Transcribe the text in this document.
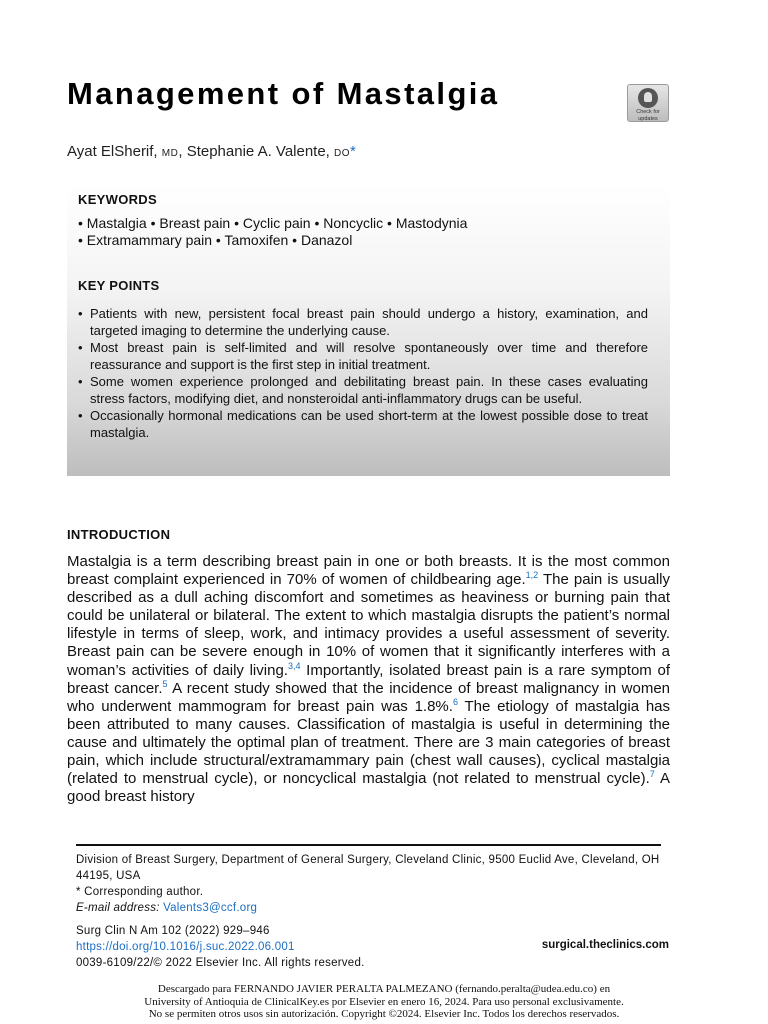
Management of Mastalgia
Check for
updates
Ayat ElSherif, MD, Stephanie A. Valente, DO*
KEYWORDS
• Mastalgia • Breast pain • Cyclic pain • Noncyclic • Mastodynia
• Extramammary pain • Tamoxifen • Danazol
KEY POINTS
• Patients with new, persistent focal breast pain should undergo a history, examination, and targeted imaging to determine the underlying cause.
• Most breast pain is self-limited and will resolve spontaneously over time and therefore reassurance and support is the first step in initial treatment.
• Some women experience prolonged and debilitating breast pain. In these cases evaluating stress factors, modifying diet, and nonsteroidal anti-inflammatory drugs can be useful.
• Occasionally hormonal medications can be used short-term at the lowest possible dose to treat mastalgia.
INTRODUCTION

Mastalgia is a term describing breast pain in one or both breasts. It is the most common breast complaint experienced in 70% of women of childbearing age.$^{1,2}$ The pain is usually described as a dull aching discomfort and sometimes as heaviness or burning pain that could be unilateral or bilateral. The extent to which mastalgia disrupts the patient’s normal lifestyle in terms of sleep, work, and intimacy provides a useful assessment of severity. Breast pain can be severe enough in 10% of women that it significantly interferes with a woman’s activities of daily living.$^{3,4}$ Importantly, isolated breast pain is a rare symptom of breast cancer.$^5$ A recent study showed that the incidence of breast malignancy in women who underwent mammogram for breast pain was 1.8%.$^6$ The etiology of mastalgia has been attributed to many causes. Classification of mastalgia is useful in determining the cause and ultimately the optimal plan of treatment. There are 3 main categories of breast pain, which include structural/extramammary pain (chest wall causes), cyclical mastalgia (related to menstrual cycle), or noncyclical mastalgia (not related to menstrual cycle).$^7$ A good breast history

Division of Breast Surgery, Department of General Surgery, Cleveland Clinic, 9500 Euclid Ave, Cleveland, OH 44195, USA
* Corresponding author.
E-mail address: Valents3@ccf.org
Surg Clin N Am 102 (2022) 929–946
https://doi.org/10.1016/j.suc.2022.06.001
0039-6109/22/© 2022 Elsevier Inc. All rights reserved.
surgical.theclinics.com
Descargado para FERNANDO JAVIER PERALTA PALMEZANO (fernando.peralta@udea.edu.co) en
University of Antioquia de ClinicalKey.es por Elsevier en enero 16, 2024. Para uso personal exclusivamente.
No se permiten otros usos sin autorización. Copyright ©2024. Elsevier Inc. Todos los derechos reservados.
